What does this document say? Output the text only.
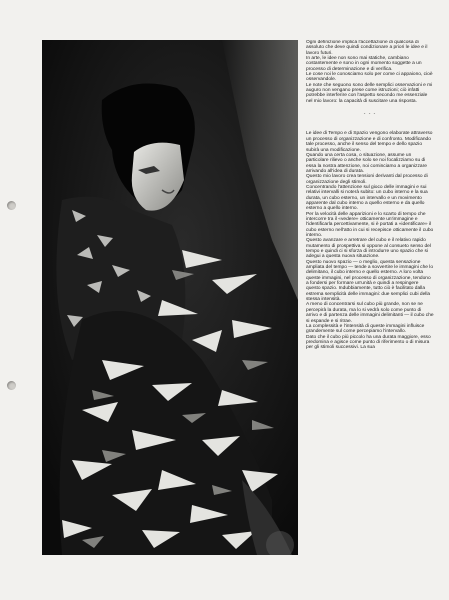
Ogni definizione implica l'accettazione di qualcosa di assoluto che deve quindi condizionare a priori le idee e il lavoro futuri.

In arte, le idee non sono mai statiche, cambiano costantemente e sono in ogni momento soggette a un processo di determinazione e di verifica.

Le cose noi le conosciamo solo per come ci appaiono, cioè osservandole.

Le note che seguono sono delle semplici osservazioni e mi auguro non vengano prese come istruzioni; ciò infatti potrebbe interferire con l'aspetto secondo me essenziale nel mio lavoro: la capacità di suscitare una risposta.

- - -

Le idee di Tempo e di Spazio vengono elaborate attraverso un processo di organizzazione e di confronto. Modificando tale processo, anche il senso del tempo e dello spazio subirà una modificazione.

Quando una certa cosa, o situazione, assume un particolare rilievo o anche solo se noi focalizziamo su di essa la nostra attenzione, noi cominciamo a organizzare arrivando all'idea di durata.

Questo mio lavoro crea tensioni derivanti dal processo di organizzazione degli stimoli.

Concentrando l'attenzione sul gioco delle immagini e sui relativi intervalli si noterà subito: un cubo interno e la sua durata, un cubo esterno, un intervallo e un movimento apparente dal cubo interno a quello esterno e da quello esterno a quello interno.

Per la velocità delle apparizioni e lo scarto di tempo che intercorre tra il «vedere» otticamente un'immagine e l'identificarla percettivamente, si è portati a «identificare» il cubo esterno nell'atto in cui si recepisce otticamente il cubo interno.

Questo avanzare e arretrare del cubo e il relativo rapido mutamento di prospettiva si oppone al consueto senso del tempo e quindi ci si sforza di introdurre uno spazio che si adegui a questa nuova situazione.

Questo nuovo spazio — o meglio, questa sensazione ampliata del tempo — tende a sovvertire le immagini che lo delimitano, il cubo interno e quello esterno. A loro volta queste immagini, nel processo di organizzazione, tendono a fondersi per formare un'unità e quindi a respingere questo spazio. Indubbiamente, tutto ciò è facilitato dalla estrema semplicità delle immagini: due semplici cubi della stessa intensità.

A meno di concentrarsi sul cubo più grande, non se ne percepirà la durata, ma lo si vedrà solo come punto di arrivo e di partenza delle immagini delimitanti — il cubo che si espande e si ritrae.

La complessità e l'intensità di queste immagini influisce grandemente sul come percepiamo l'intervallo.

Dato che il cubo più piccolo ha una durata maggiore, esso predomina e agisce come punto di riferimento o di misura per gli stimoli successivi. La sua
